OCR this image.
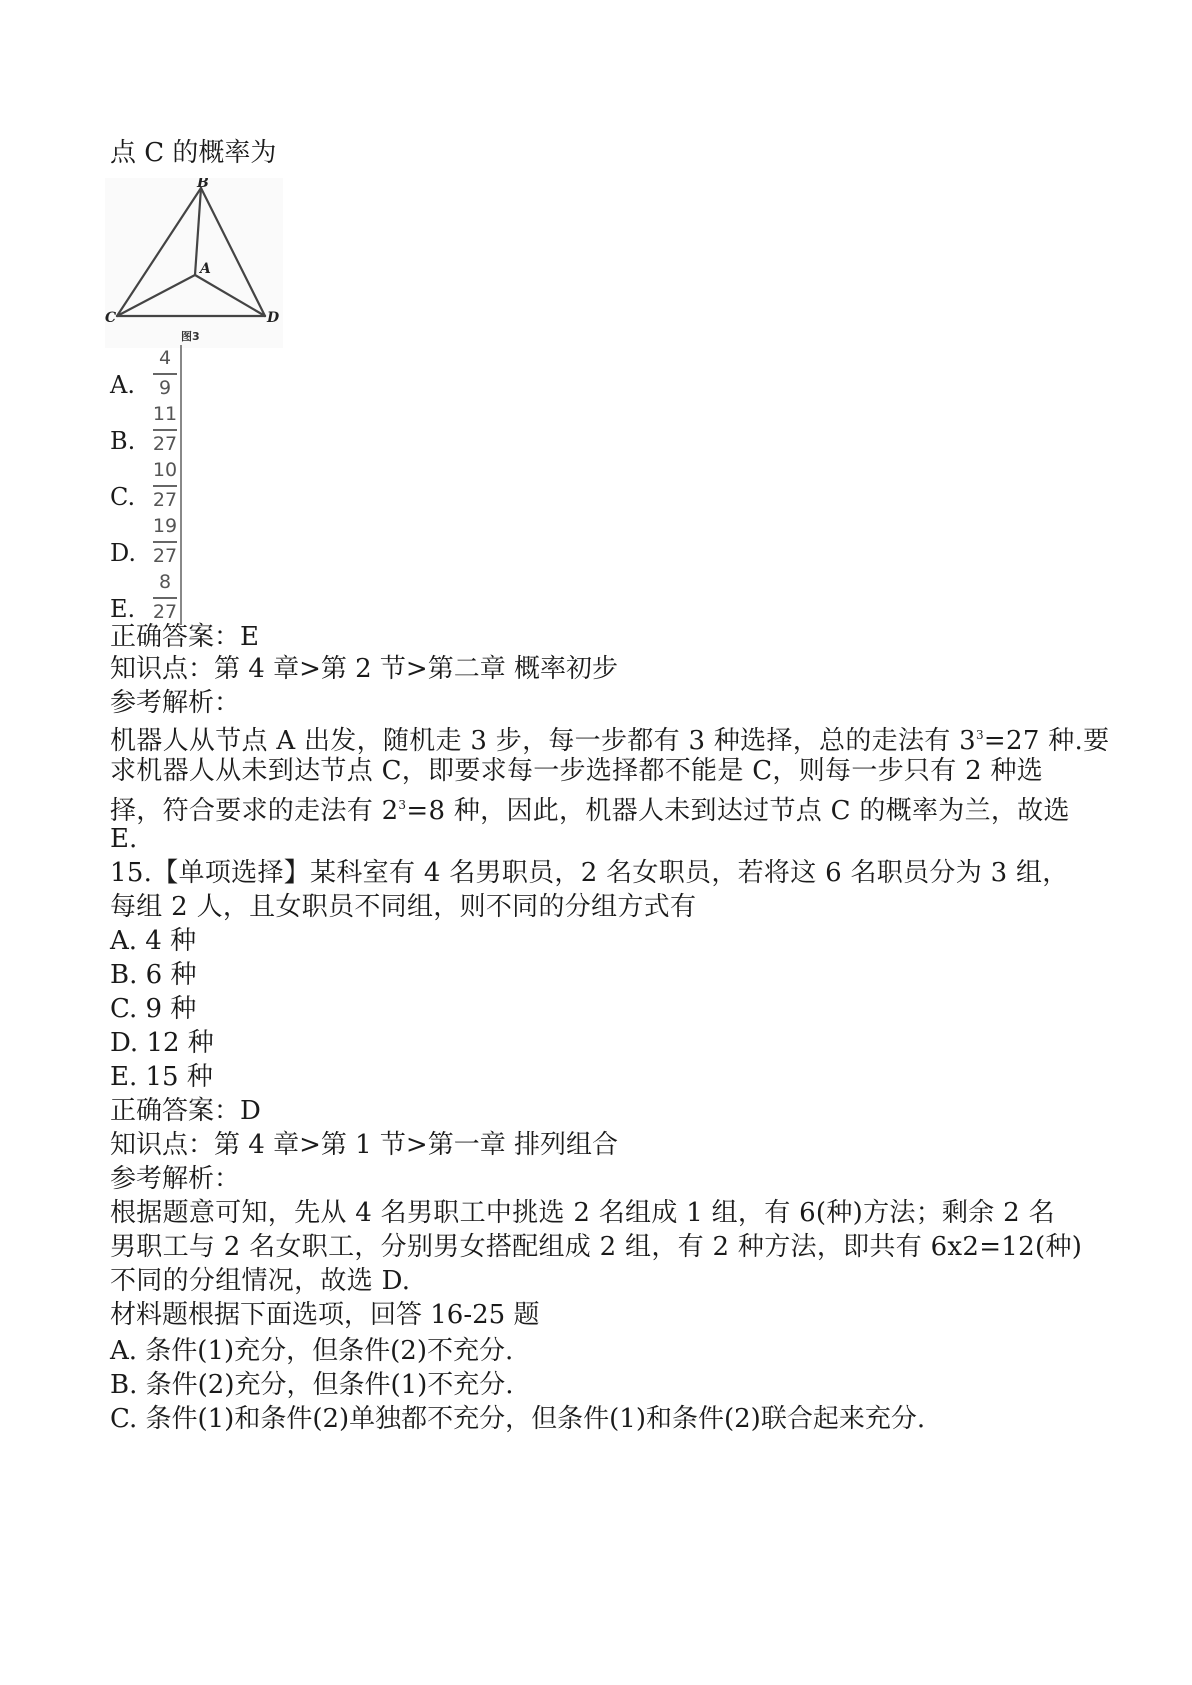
点 C 的概率为
B
A
C	D
图3
A.
4
9
B.
11
27
C.
10
27
D.
19
27
E.
8
27
正确答案：E
知识点：第 4 章>第 2 节>第二章 概率初步
参考解析：
机器人从节点 A 出发，随机走 3 步，每一步都有 3 种选择，总的走法有 $3^3=27$ 种.要
求机器人从未到达节点 C，即要求每一步选择都不能是 C，则每一步只有 2 种选
择，符合要求的走法有 $2^3=8$ 种，因此，机器人未到达过节点 C 的概率为兰，故选
E.
15.【单项选择】某科室有 4 名男职员，2 名女职员，若将这 6 名职员分为 3 组，
每组 2 人，且女职员不同组，则不同的分组方式有
A. 4 种
B. 6 种
C. 9 种
D. 12 种
E. 15 种
正确答案：D
知识点：第 4 章>第 1 节>第一章 排列组合
参考解析：
根据题意可知，先从 4 名男职工中挑选 2 名组成 1 组，有 6(种)方法；剩余 2 名
男职工与 2 名女职工，分别男女搭配组成 2 组，有 2 种方法，即共有 6x2=12(种)
不同的分组情况，故选 D.
材料题根据下面选项，回答 16-25 题
A. 条件(1)充分，但条件(2)不充分.
B. 条件(2)充分，但条件(1)不充分.
C. 条件(1)和条件(2)单独都不充分，但条件(1)和条件(2)联合起来充分.
